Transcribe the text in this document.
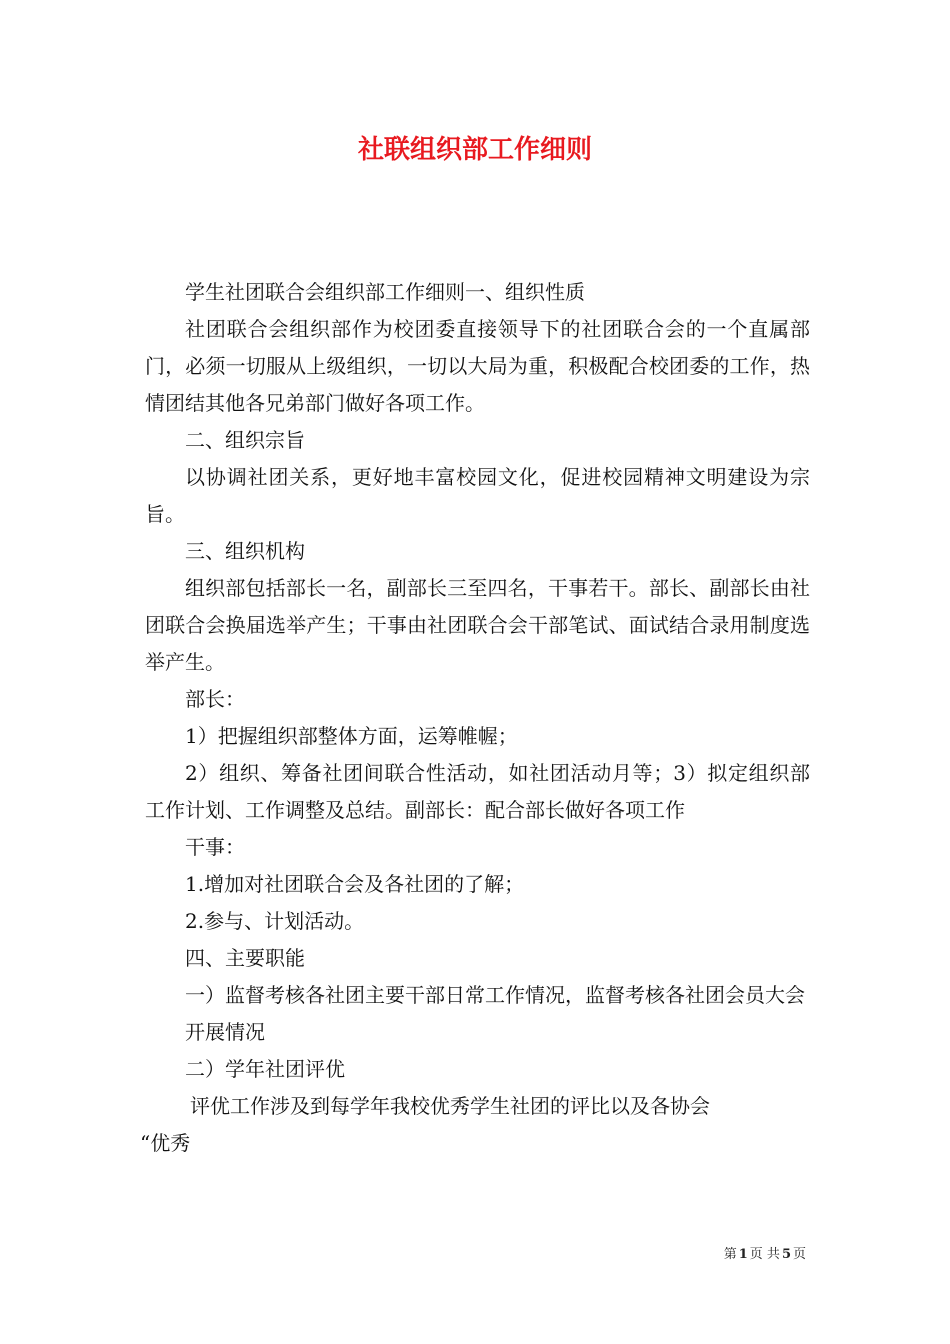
社联组织部工作细则

学生社团联合会组织部工作细则一、组织性质

社团联合会组织部作为校团委直接领导下的社团联合会的一个直属部门，必须一切服从上级组织，一切以大局为重，积极配合校团委的工作，热情团结其他各兄弟部门做好各项工作。

二、组织宗旨

以协调社团关系，更好地丰富校园文化，促进校园精神文明建设为宗旨。

三、组织机构

组织部包括部长一名，副部长三至四名，干事若干。部长、副部长由社团联合会换届选举产生；干事由社团联合会干部笔试、面试结合录用制度选举产生。

部长：

1）把握组织部整体方面，运筹帷幄；

2）组织、筹备社团间联合性活动，如社团活动月等；3）拟定组织部工作计划、工作调整及总结。副部长：配合部长做好各项工作

干事：

1.增加对社团联合会及各社团的了解；

2.参与、计划活动。

四、主要职能

一）监督考核各社团主要干部日常工作情况，监督考核各社团会员大会

开展情况

二）学年社团评优

评优工作涉及到每学年我校优秀学生社团的评比以及各协会

“优秀

第 1 页 共 5 页
